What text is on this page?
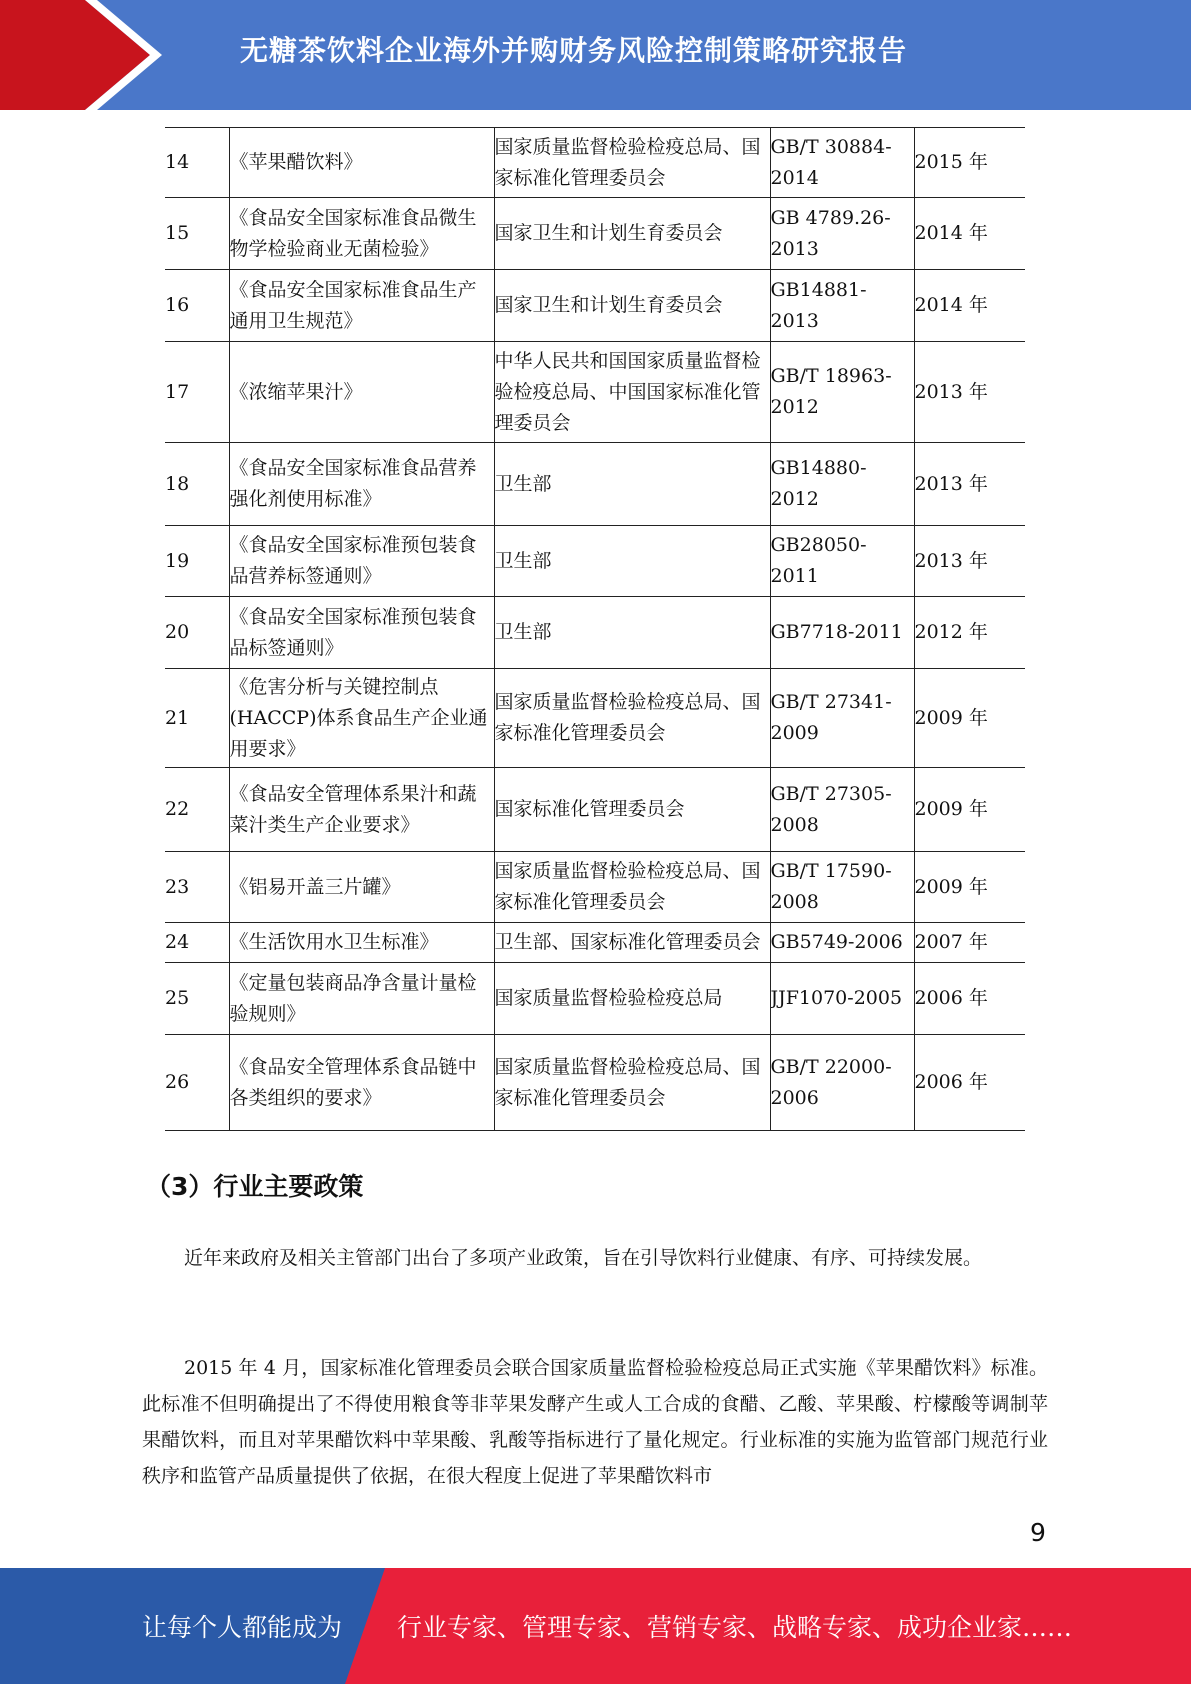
无糖茶饮料企业海外并购财务风险控制策略研究报告
14	《苹果醋饮料》	国家质量监督检验检疫总局、国家标准化管理委员会	GB/T 30884-2014	2015 年
15	《食品安全国家标准食品微生物学检验商业无菌检验》	国家卫生和计划生育委员会	GB 4789.26-2013	2014 年
16	《食品安全国家标准食品生产通用卫生规范》	国家卫生和计划生育委员会	GB14881-2013	2014 年
17	《浓缩苹果汁》	中华人民共和国国家质量监督检验检疫总局、中国国家标准化管理委员会	GB/T 18963-2012	2013 年
18	《食品安全国家标准食品营养强化剂使用标准》	卫生部	GB14880-2012	2013 年
19	《食品安全国家标准预包装食品营养标签通则》	卫生部	GB28050-2011	2013 年
20	《食品安全国家标准预包装食品标签通则》	卫生部	GB7718-2011	2012 年
21	《危害分析与关键控制点(HACCP)体系食品生产企业通用要求》	国家质量监督检验检疫总局、国家标准化管理委员会	GB/T 27341-2009	2009 年
22	《食品安全管理体系果汁和蔬菜汁类生产企业要求》	国家标准化管理委员会	GB/T 27305-2008	2009 年
23	《铝易开盖三片罐》	国家质量监督检验检疫总局、国家标准化管理委员会	GB/T 17590-2008	2009 年
24	《生活饮用水卫生标准》	卫生部、国家标准化管理委员会	GB5749-2006	2007 年
25	《定量包装商品净含量计量检验规则》	国家质量监督检验检疫总局	JJF1070-2005	2006 年
26	《食品安全管理体系食品链中各类组织的要求》	国家质量监督检验检疫总局、国家标准化管理委员会	GB/T 22000-2006	2006 年
（3）行业主要政策

近年来政府及相关主管部门出台了多项产业政策，旨在引导饮料行业健康、有序、可持续发展。

2015 年 4 月，国家标准化管理委员会联合国家质量监督检验检疫总局正式实施《苹果醋饮料》标准。此标准不但明确提出了不得使用粮食等非苹果发酵产生或人工合成的食醋、乙酸、苹果酸、柠檬酸等调制苹果醋饮料，而且对苹果醋饮料中苹果酸、乳酸等指标进行了量化规定。行业标准的实施为监管部门规范行业秩序和监管产品质量提供了依据，在很大程度上促进了苹果醋饮料市

9
让每个人都能成为 行业专家、管理专家、营销专家、战略专家、成功企业家……
